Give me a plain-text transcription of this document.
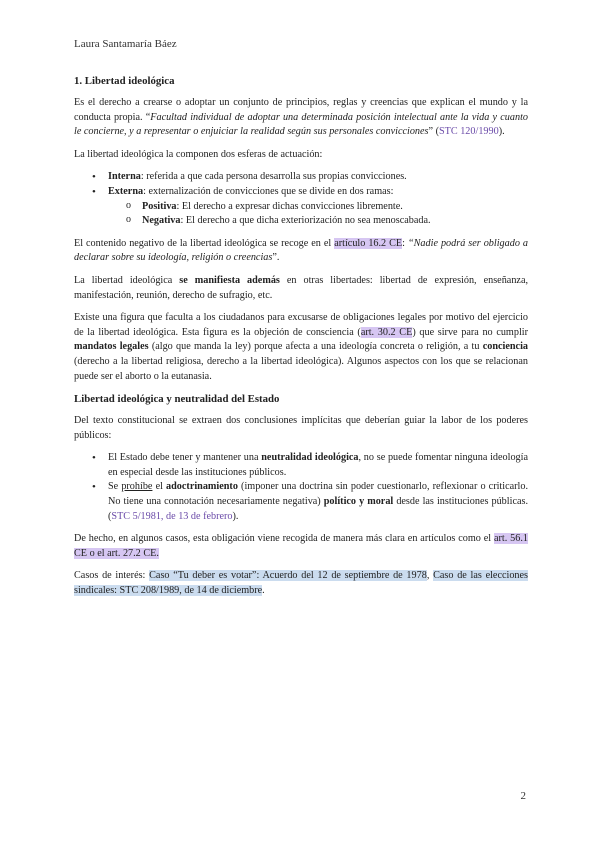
Laura Santamaría Báez
1. Libertad ideológica

Es el derecho a crearse o adoptar un conjunto de principios, reglas y creencias que explican el mundo y la conducta propia. “Facultad individual de adoptar una determinada posición intelectual ante la vida y cuanto le concierne, y a representar o enjuiciar la realidad según sus personales convicciones” (STC 120/1990).

La libertad ideológica la componen dos esferas de actuación:

• Interna: referida a que cada persona desarrolla sus propias convicciones.
• Externa: externalización de convicciones que se divide en dos ramas:
o Positiva: El derecho a expresar dichas convicciones libremente.
o Negativa: El derecho a que dicha exteriorización no sea menoscabada.

El contenido negativo de la libertad ideológica se recoge en el artículo 16.2 CE: “Nadie podrá ser obligado a declarar sobre su ideología, religión o creencias”.

La libertad ideológica se manifiesta además en otras libertades: libertad de expresión, enseñanza, manifestación, reunión, derecho de sufragio, etc.

Existe una figura que faculta a los ciudadanos para excusarse de obligaciones legales por motivo del ejercicio de la libertad ideológica. Esta figura es la objeción de consciencia (art. 30.2 CE) que sirve para no cumplir mandatos legales (algo que manda la ley) porque afecta a una ideología concreta o religión, a tu conciencia (derecho a la libertad religiosa, derecho a la libertad ideológica). Algunos aspectos con los que se relacionan puede ser el aborto o la eutanasia.

Libertad ideológica y neutralidad del Estado

Del texto constitucional se extraen dos conclusiones implícitas que deberían guiar la labor de los poderes públicos:

• El Estado debe tener y mantener una neutralidad ideológica, no se puede fomentar ninguna ideología en especial desde las instituciones públicos.
• Se prohíbe el adoctrinamiento (imponer una doctrina sin poder cuestionarlo, reflexionar o criticarlo. No tiene una connotación necesariamente negativa) político y moral desde las instituciones públicas. (STC 5/1981, de 13 de febrero).

De hecho, en algunos casos, esta obligación viene recogida de manera más clara en artículos como el art. 56.1 CE o el art. 27.2 CE.

Casos de interés: Caso “Tu deber es votar”: Acuerdo del 12 de septiembre de 1978, Caso de las elecciones sindicales: STC 208/1989, de 14 de diciembre.

2
